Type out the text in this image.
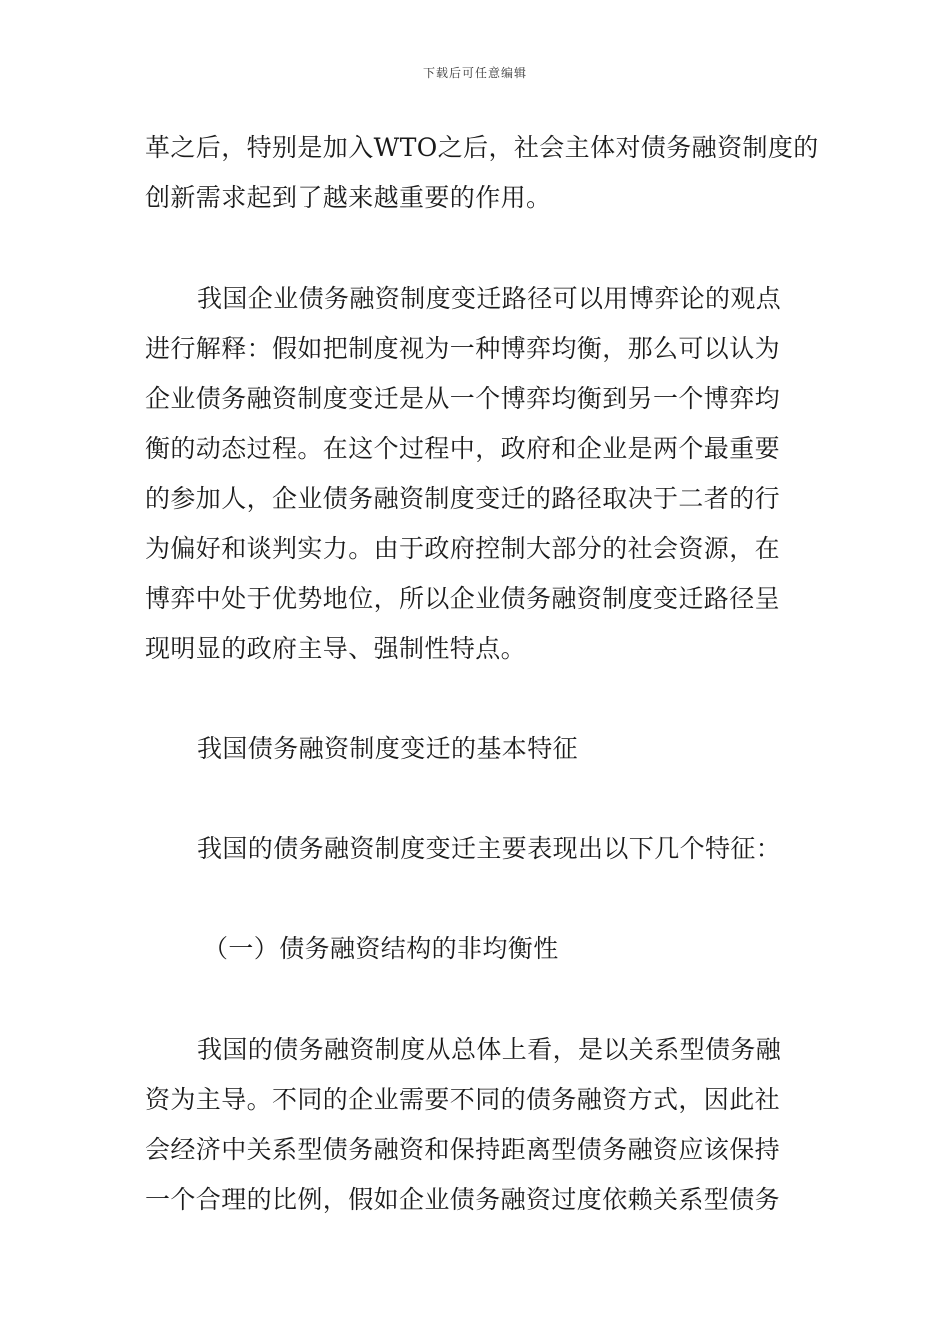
下载后可任意编辑
革之后，特别是加入WTO之后，社会主体对债务融资制度的
创新需求起到了越来越重要的作用。
我国企业债务融资制度变迁路径可以用博弈论的观点
进行解释：假如把制度视为一种博弈均衡，那么可以认为
企业债务融资制度变迁是从一个博弈均衡到另一个博弈均
衡的动态过程。在这个过程中，政府和企业是两个最重要
的参加人，企业债务融资制度变迁的路径取决于二者的行
为偏好和谈判实力。由于政府控制大部分的社会资源，在
博弈中处于优势地位，所以企业债务融资制度变迁路径呈
现明显的政府主导、强制性特点。
我国债务融资制度变迁的基本特征
我国的债务融资制度变迁主要表现出以下几个特征：
（一）债务融资结构的非均衡性
我国的债务融资制度从总体上看，是以关系型债务融
资为主导。不同的企业需要不同的债务融资方式，因此社
会经济中关系型债务融资和保持距离型债务融资应该保持
一个合理的比例，假如企业债务融资过度依赖关系型债务
